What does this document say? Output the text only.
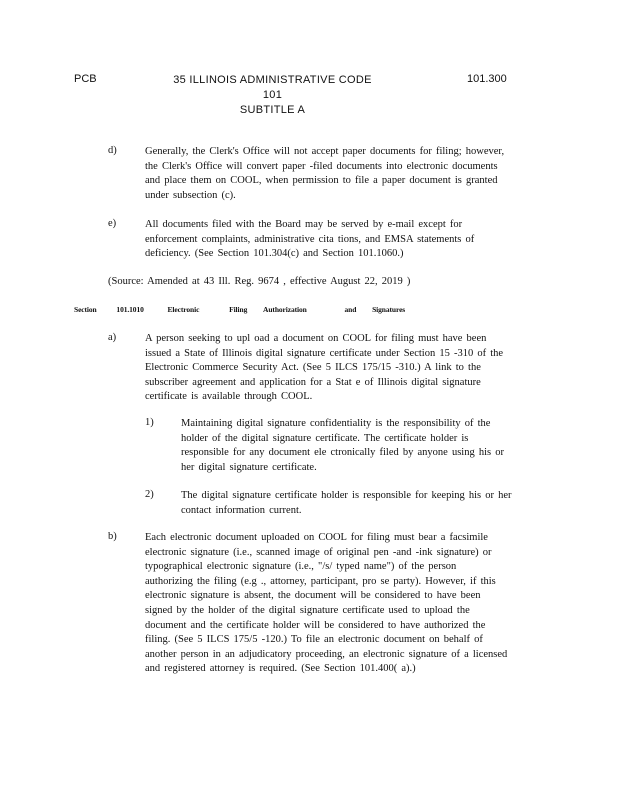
PCB	35 ILLINOIS ADMINISTRATIVE CODE 101
SUBTITLE A
101.300
d)	Generally, the Clerk's Office will not accept paper documents for filing; however,
the Clerk's Office will convert paper -filed documents into electronic documents
and place them on COOL, when permission to file a paper document is granted
under subsection (c).
e)	All documents filed with the Board may be served by e-mail except for
enforcement complaints, administrative cita tions, and EMSA statements of
deficiency. (See Section 101.304(c) and Section 101.1060.)
(Source: Amended at 43 Ill. Reg. 9674 , effective August 22, 2019 )
Section	101.1010	Electronic	Filing Authorization	and Signatures
a)	A person seeking to upl oad a document on COOL for filing must have been
issued a State of Illinois digital signature certificate under Section 15 -310 of the
Electronic Commerce Security Act. (See 5 ILCS 175/15 -310.) A link to the
subscriber agreement and application for a Stat e of Illinois digital signature
certificate is available through COOL.
1)	Maintaining digital signature confidentiality is the responsibility of the
holder of the digital signature certificate. The certificate holder is
responsible for any document ele ctronically filed by anyone using his or
her digital signature certificate.
2)	The digital signature certificate holder is responsible for keeping his or her
contact information current.
b)	Each electronic document uploaded on COOL for filing must bear a facsimile
electronic signature (i.e., scanned image of original pen -and -ink signature) or
typographical electronic signature (i.e., "/s/ typed name") of the person
authorizing the filing (e.g ., attorney, participant, pro se party). However, if this
electronic signature is absent, the document will be considered to have been
signed by the holder of the digital signature certificate used to upload the
document and the certificate holder will be considered to have authorized the
filing. (See 5 ILCS 175/5 -120.) To file an electronic document on behalf of
another person in an adjudicatory proceeding, an electronic signature of a licensed
and registered attorney is required. (See Section 101.400( a).)
